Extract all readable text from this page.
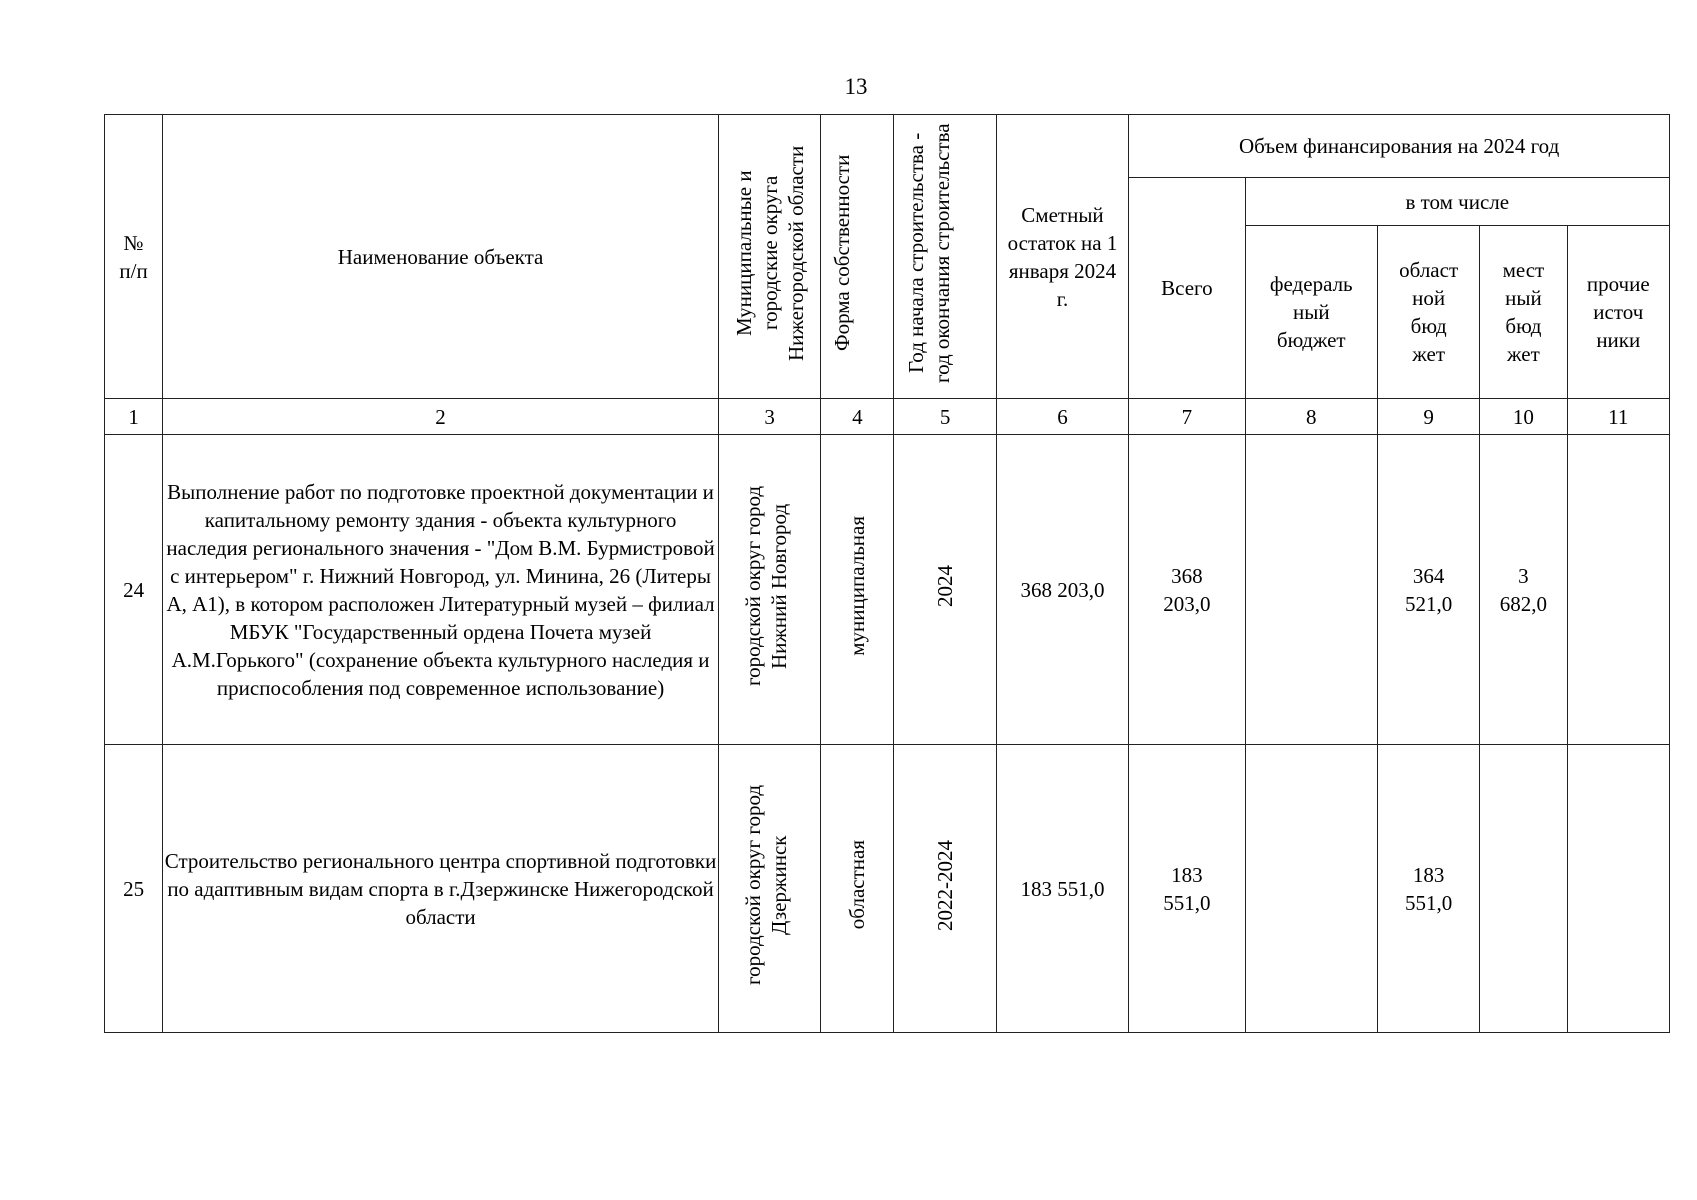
13
№ п/п	Наименование объекта	Муниципальные и городские округа Нижегородской области	Форма собственности	Год начала строительства - год окончания строительства	Сметный остаток на 1 января 2024 г.	Объем финансирования на 2024 год				
						Всего	в том числе			

							федераль ный бюджет	област ной бюд жет	мест ный бюд жет	прочие источ ники

1	2	3	4	5	6	7	8	9	10	11
24	Выполнение работ по подготовке проектной документации и капитальному ремонту здания - объекта культурного наследия регионального значения - "Дом В.М. Бурмистровой с интерьером" г. Нижний Новгород, ул. Минина, 26 (Литеры А, А1), в котором расположен Литературный музей – филиал МБУК "Государственный ордена Почета музей А.М.Горького" (сохранение объекта культурного наследия и приспособления под современное использование)	городской округ город Нижний Новгород	муниципальная	2024	368 203,0	368 203,0		364 521,0	3 682,0	

25	Строительство регионального центра спортивной подготовки по адаптивным видам спорта в г.Дзержинске Нижегородской области	городской округ город Дзержинск	областная	2022-2024	183 551,0	183 551,0		183 551,0		
